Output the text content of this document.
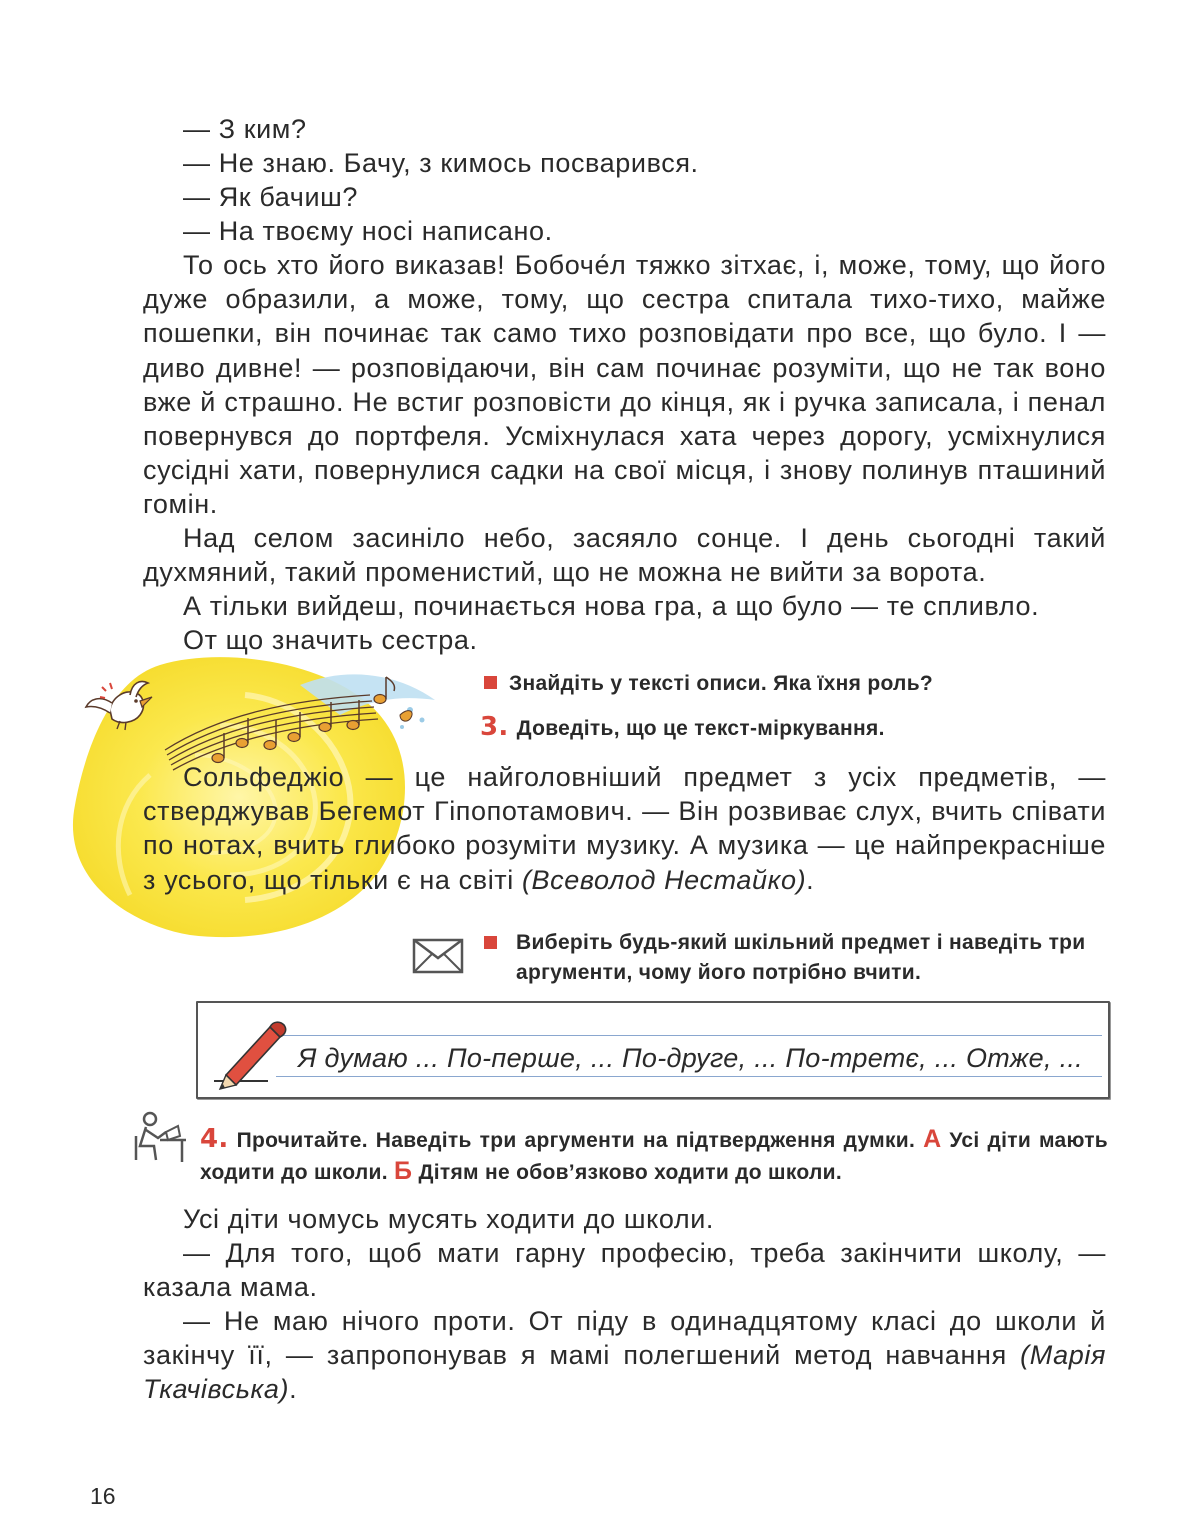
— З ким?

— Не знаю. Бачу, з кимось посварився.

— Як бачиш?

— На твоєму носі написано.

То ось хто його виказав! Бобоче́л тяжко зітхає, і, може, тому, що його дуже образили, а може, тому, що сестра спитала тихо-тихо, майже пошепки, він починає так само тихо розповідати про все, що було. І — диво дивне! — розповідаючи, він сам починає розуміти, що не так воно вже й страшно. Не встиг розповісти до кінця, як і ручка записала, і пенал повернувся до портфеля. Усміхнулася хата через дорогу, усміхнулися сусідні хати, повернулися садки на свої місця, і знову полинув пташиний гомін.

Над селом засиніло небо, засяяло сонце. І день сьогодні такий духмяний, такий променистий, що не можна не вийти за ворота.

А тільки вийдеш, починається нова гра, а що було — те спливло.

От що значить сестра.

Знайдіть у тексті описи. Яка їхня роль?
3. Доведіть, що це текст-міркування.

Сольфеджіо — це найголовніший предмет з усіх предметів, — стверджував Бегемот Гіпопотамович. — Він розвиває слух, вчить співати по нотах, вчить глибоко розуміти музику. А музика — це найпрекрасніше з усього, що тільки є на світі (Всеволод Нестайко).

Виберіть будь-який шкільний предмет і наведіть три аргументи, чому його потрібно вчити.
Я думаю ... По-перше, ... По-друге, ... По-третє, ... Отже, ...
4. Прочитайте. Наведіть три аргументи на підтвердження думки. А Усі діти мають ходити до школи. Б Дітям не обов’язково ходити до школи.

Усі діти чомусь мусять ходити до школи.

— Для того, щоб мати гарну професію, треба закінчити школу, — казала мама.

— Не маю нічого проти. От піду в одинадцятому класі до школи й закінчу її, — запропонував я мамі полегшений метод навчання (Марія Ткачівська).

16
